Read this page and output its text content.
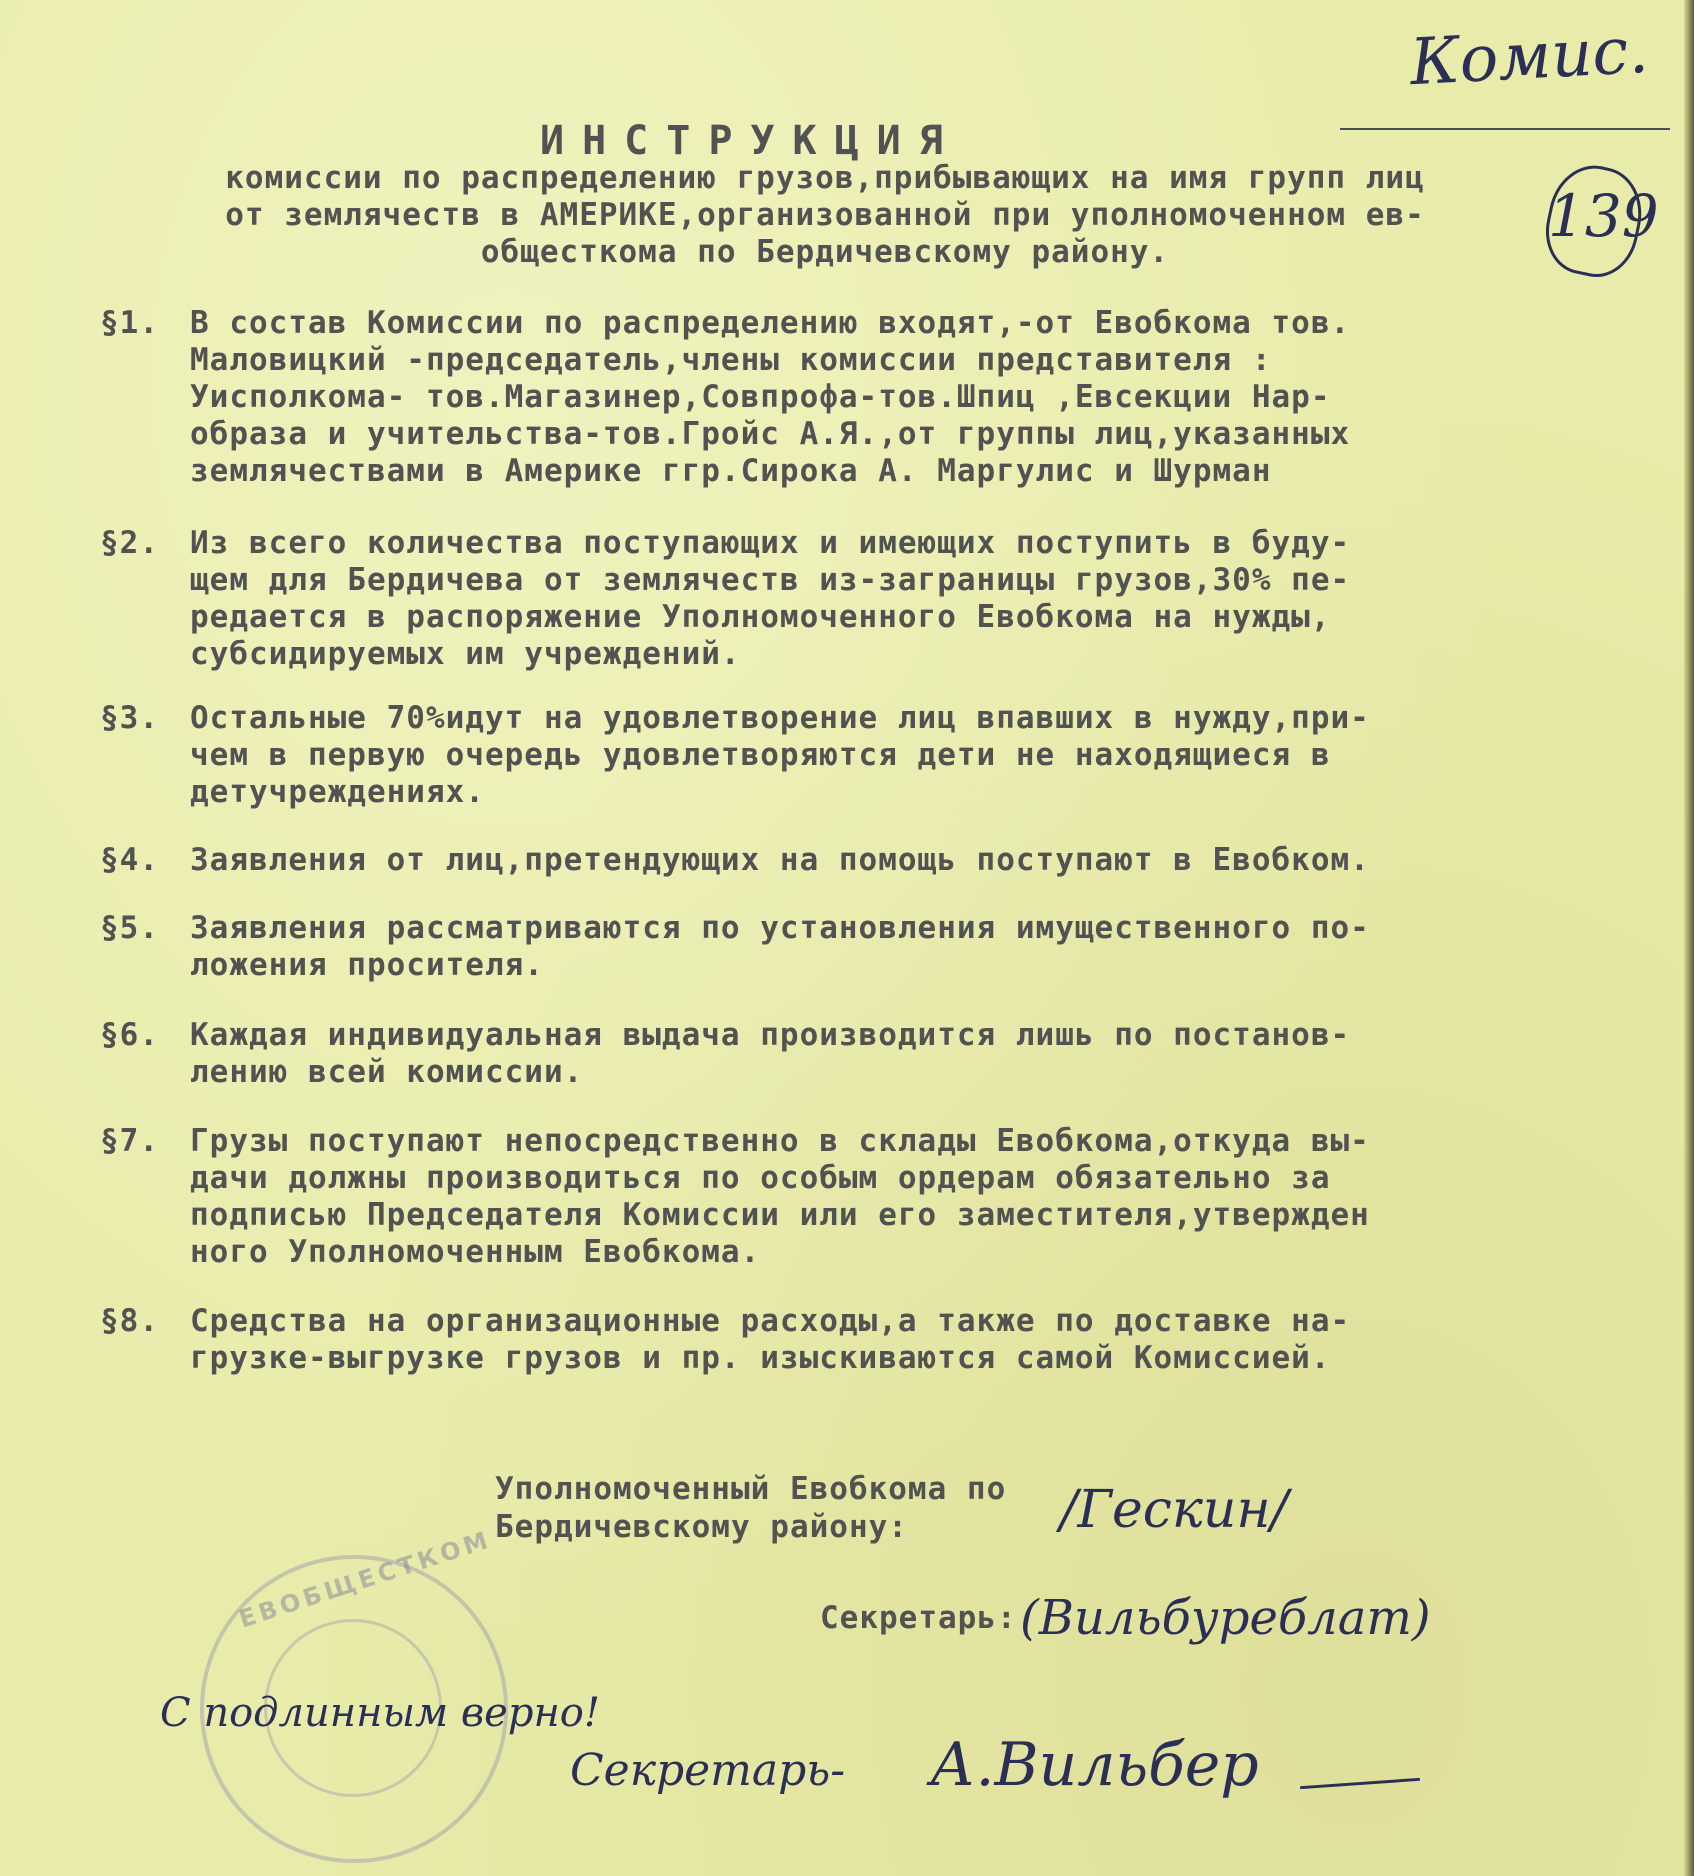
Комис.
139
ИНСТРУКЦИЯ
комиссии по распределению грузов,прибывающих на имя групп лиц
от землячеств в АМЕРИКЕ,организованной при уполномоченном ев-
общесткома по Бердичевскому району.
§1.	В состав Комиссии по распределению входят,-от Евобкома тов.
Маловицкий -председатель,члены комиссии представителя :
Уисполкома- тов.Магазинер,Совпрофа-тов.Шпиц ,Евсекции Нар-
образа и учительства-тов.Гройс А.Я.,от группы лиц,указанных
землячествами в Америке ггр.Сирока А. Маргулис и Шурман
§2.	Из всего количества поступающих и имеющих поступить в буду-
щем для Бердичева от землячеств из-заграницы грузов,30% пе-
редается в распоряжение Уполномоченного Евобкома на нужды,
субсидируемых им учреждений.
§3.	Остальные 70%идут на удовлетворение лиц впавших в нужду,при-
чем в первую очередь удовлетворяются дети не находящиеся в
детучреждениях.
§4.	Заявления от лиц,претендующих на помощь поступают в Евобком.
§5.	Заявления рассматриваются по установления имущественного по-
ложения просителя.
§6.	Каждая индивидуальная выдача производится лишь по постанов-
лению всей комиссии.
§7.	Грузы поступают непосредственно в склады Евобкома,откуда вы-
дачи должны производиться по особым ордерам обязательно за
подписью Председателя Комиссии или его заместителя,утвержден
ного Уполномоченным Евобкома.
§8.	Средства на организационные расходы,а также по доставке на-
грузке-выгрузке грузов и пр. изыскиваются самой Комиссией.
ЕВОБЩЕСТКОМ
Уполномоченный Евобкома по
Бердичевскому району:	/Гескин/
Секретарь: (Вильбуреблат)
С подлинным верно!
Секретарь- А.Вильбер
